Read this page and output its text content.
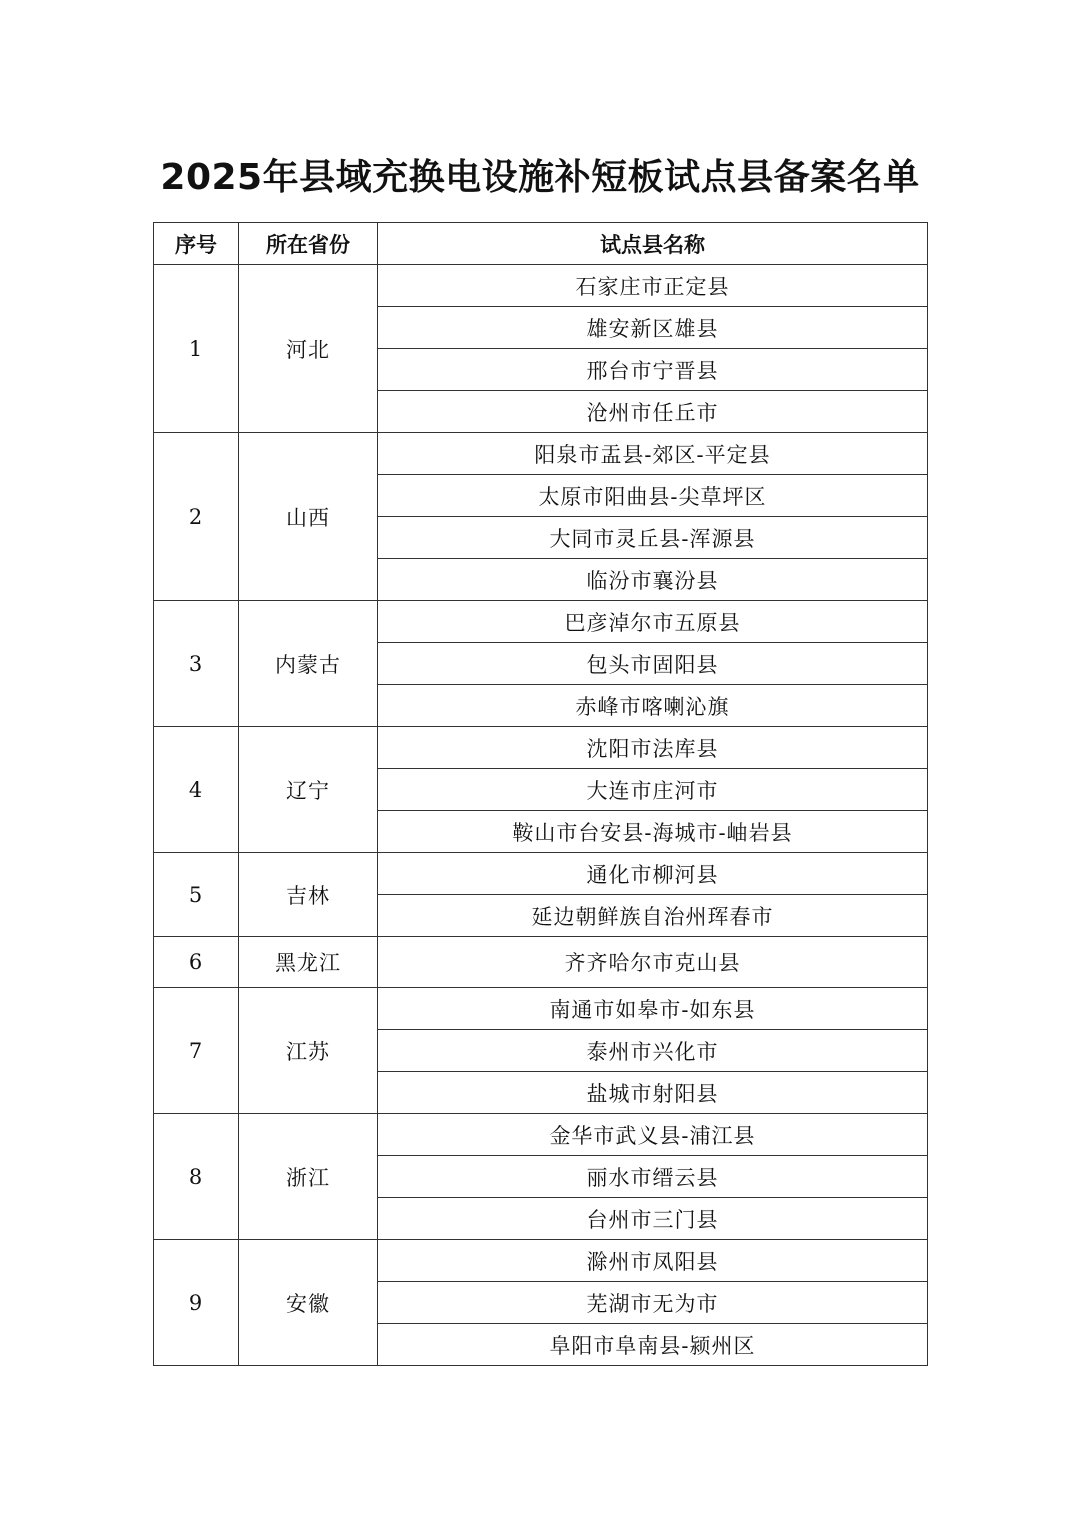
2025年县域充换电设施补短板试点县备案名单
序号	所在省份	试点县名称
1	河北	石家庄市正定县
		雄安新区雄县
		邢台市宁晋县
		沧州市任丘市
2	山西	阳泉市盂县-郊区-平定县
		太原市阳曲县-尖草坪区
		大同市灵丘县-浑源县
		临汾市襄汾县
3	内蒙古	巴彦淖尔市五原县
		包头市固阳县
		赤峰市喀喇沁旗
4	辽宁	沈阳市法库县
		大连市庄河市
		鞍山市台安县-海城市-岫岩县
5	吉林	通化市柳河县
		延边朝鲜族自治州珲春市
6	黑龙江	齐齐哈尔市克山县
7	江苏	南通市如皋市-如东县
		泰州市兴化市
		盐城市射阳县
8	浙江	金华市武义县-浦江县
		丽水市缙云县
		台州市三门县
9	安徽	滁州市凤阳县
		芜湖市无为市
		阜阳市阜南县-颍州区
